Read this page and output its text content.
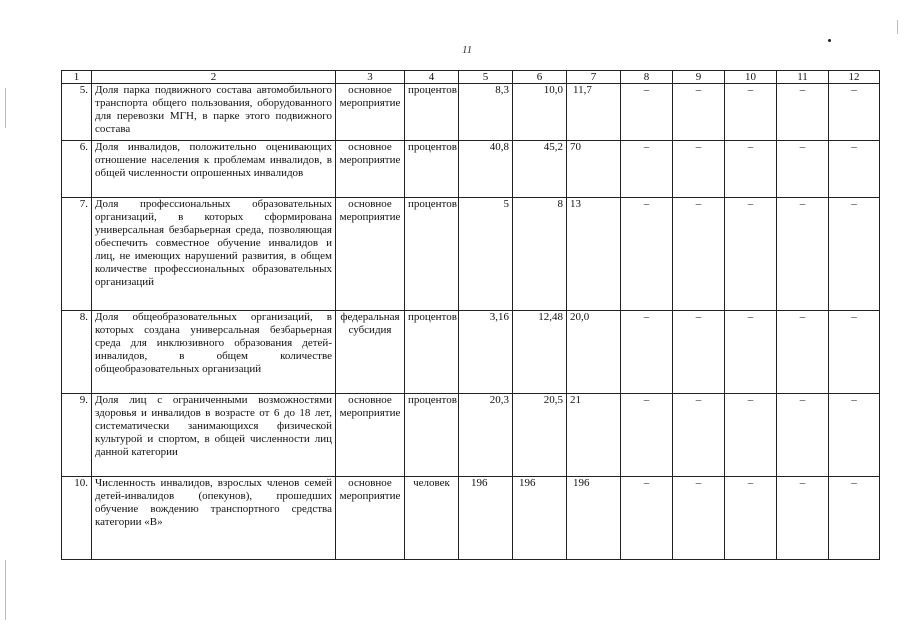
11
1	2	3	4	5	6	7	8	9	10	11	12
5.	Доля парка подвижного состава автомобильного транспорта общего пользования, оборудованного для перевозки МГН, в парке этого подвижного состава	основное мероприятие	процентов	8,3	10,0	11,7	–	–	–	–	–
6.	Доля инвалидов, положительно оценивающих отношение населения к проблемам инвалидов, в общей численности опрошенных инвалидов	основное мероприятие	процентов	40,8	45,2	70	–	–	–	–	–
7.	Доля профессиональных образовательных организаций, в которых сформирована универсальная безбарьерная среда, позволяющая обеспечить совместное обучение инвалидов и лиц, не имеющих нарушений развития, в общем количестве профессиональных образовательных организаций	основное мероприятие	процентов	5	8	13	–	–	–	–	–
8.	Доля общеобразовательных организаций, в которых создана универсальная безбарьерная среда для инклюзивного образования детей-инвалидов, в общем количестве общеобразовательных организаций	федеральная субсидия	процентов	3,16	12,48	20,0	–	–	–	–	–
9.	Доля лиц с ограниченными возможностями здоровья и инвалидов в возрасте от 6 до 18 лет, систематически занимающихся физической культурой и спортом, в общей численности лиц данной категории	основное мероприятие	процентов	20,3	20,5	21	–	–	–	–	–
10.	Численность инвалидов, взрослых членов семей детей-инвалидов (опекунов), прошедших обучение вождению транспортного средства категории «В»	основное мероприятие	человек	196	196	196	–	–	–	–	–
